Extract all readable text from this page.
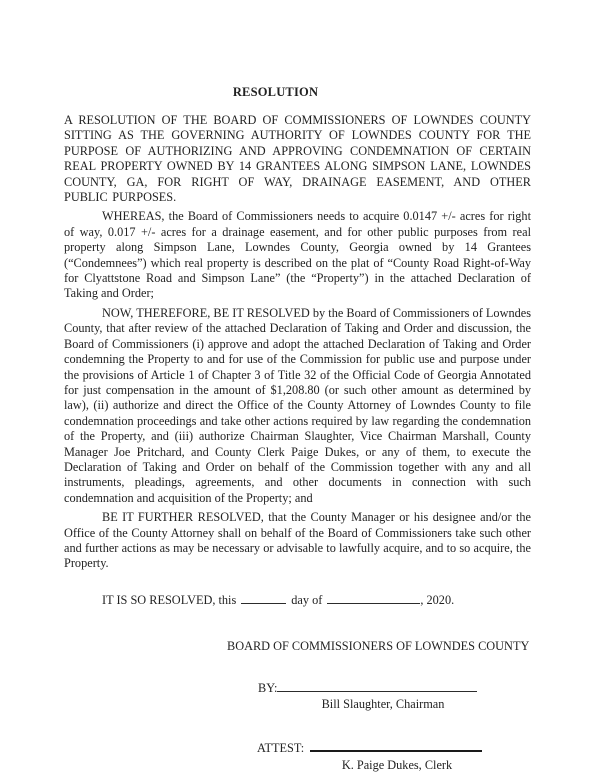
RESOLUTION

A RESOLUTION OF THE BOARD OF COMMISSIONERS OF LOWNDES COUNTY SITTING AS THE GOVERNING AUTHORITY OF LOWNDES COUNTY FOR THE PURPOSE OF AUTHORIZING AND APPROVING CONDEMNATION OF CERTAIN REAL PROPERTY OWNED BY 14 GRANTEES ALONG SIMPSON LANE, LOWNDES COUNTY, GA, FOR RIGHT OF WAY, DRAINAGE EASEMENT, AND OTHER PUBLIC PURPOSES.

WHEREAS, the Board of Commissioners needs to acquire 0.0147 +/- acres for right of way, 0.017 +/- acres for a drainage easement, and for other public purposes from real property along Simpson Lane, Lowndes County, Georgia owned by 14 Grantees (“Condemnees”) which real property is described on the plat of “County Road Right-of-Way for Clyattstone Road and Simpson Lane” (the “Property”) in the attached Declaration of Taking and Order;

NOW, THEREFORE, BE IT RESOLVED by the Board of Commissioners of Lowndes County, that after review of the attached Declaration of Taking and Order and discussion, the Board of Commissioners (i) approve and adopt the attached Declaration of Taking and Order condemning the Property to and for use of the Commission for public use and purpose under the provisions of Article 1 of Chapter 3 of Title 32 of the Official Code of Georgia Annotated for just compensation in the amount of $1,208.80 (or such other amount as determined by law), (ii) authorize and direct the Office of the County Attorney of Lowndes County to file condemnation proceedings and take other actions required by law regarding the condemnation of the Property, and (iii) authorize Chairman Slaughter, Vice Chairman Marshall, County Manager Joe Pritchard, and County Clerk Paige Dukes, or any of them, to execute the Declaration of Taking and Order on behalf of the Commission together with any and all instruments, pleadings, agreements, and other documents in connection with such condemnation and acquisition of the Property; and

BE IT FURTHER RESOLVED, that the County Manager or his designee and/or the Office of the County Attorney shall on behalf of the Board of Commissioners take such other and further actions as may be necessary or advisable to lawfully acquire, and to so acquire, the Property.

IT IS SO RESOLVED, this	day of	, 2020.
BOARD OF COMMISSIONERS OF LOWNDES COUNTY
BY:
Bill Slaughter, Chairman
ATTEST:
K. Paige Dukes, Clerk
